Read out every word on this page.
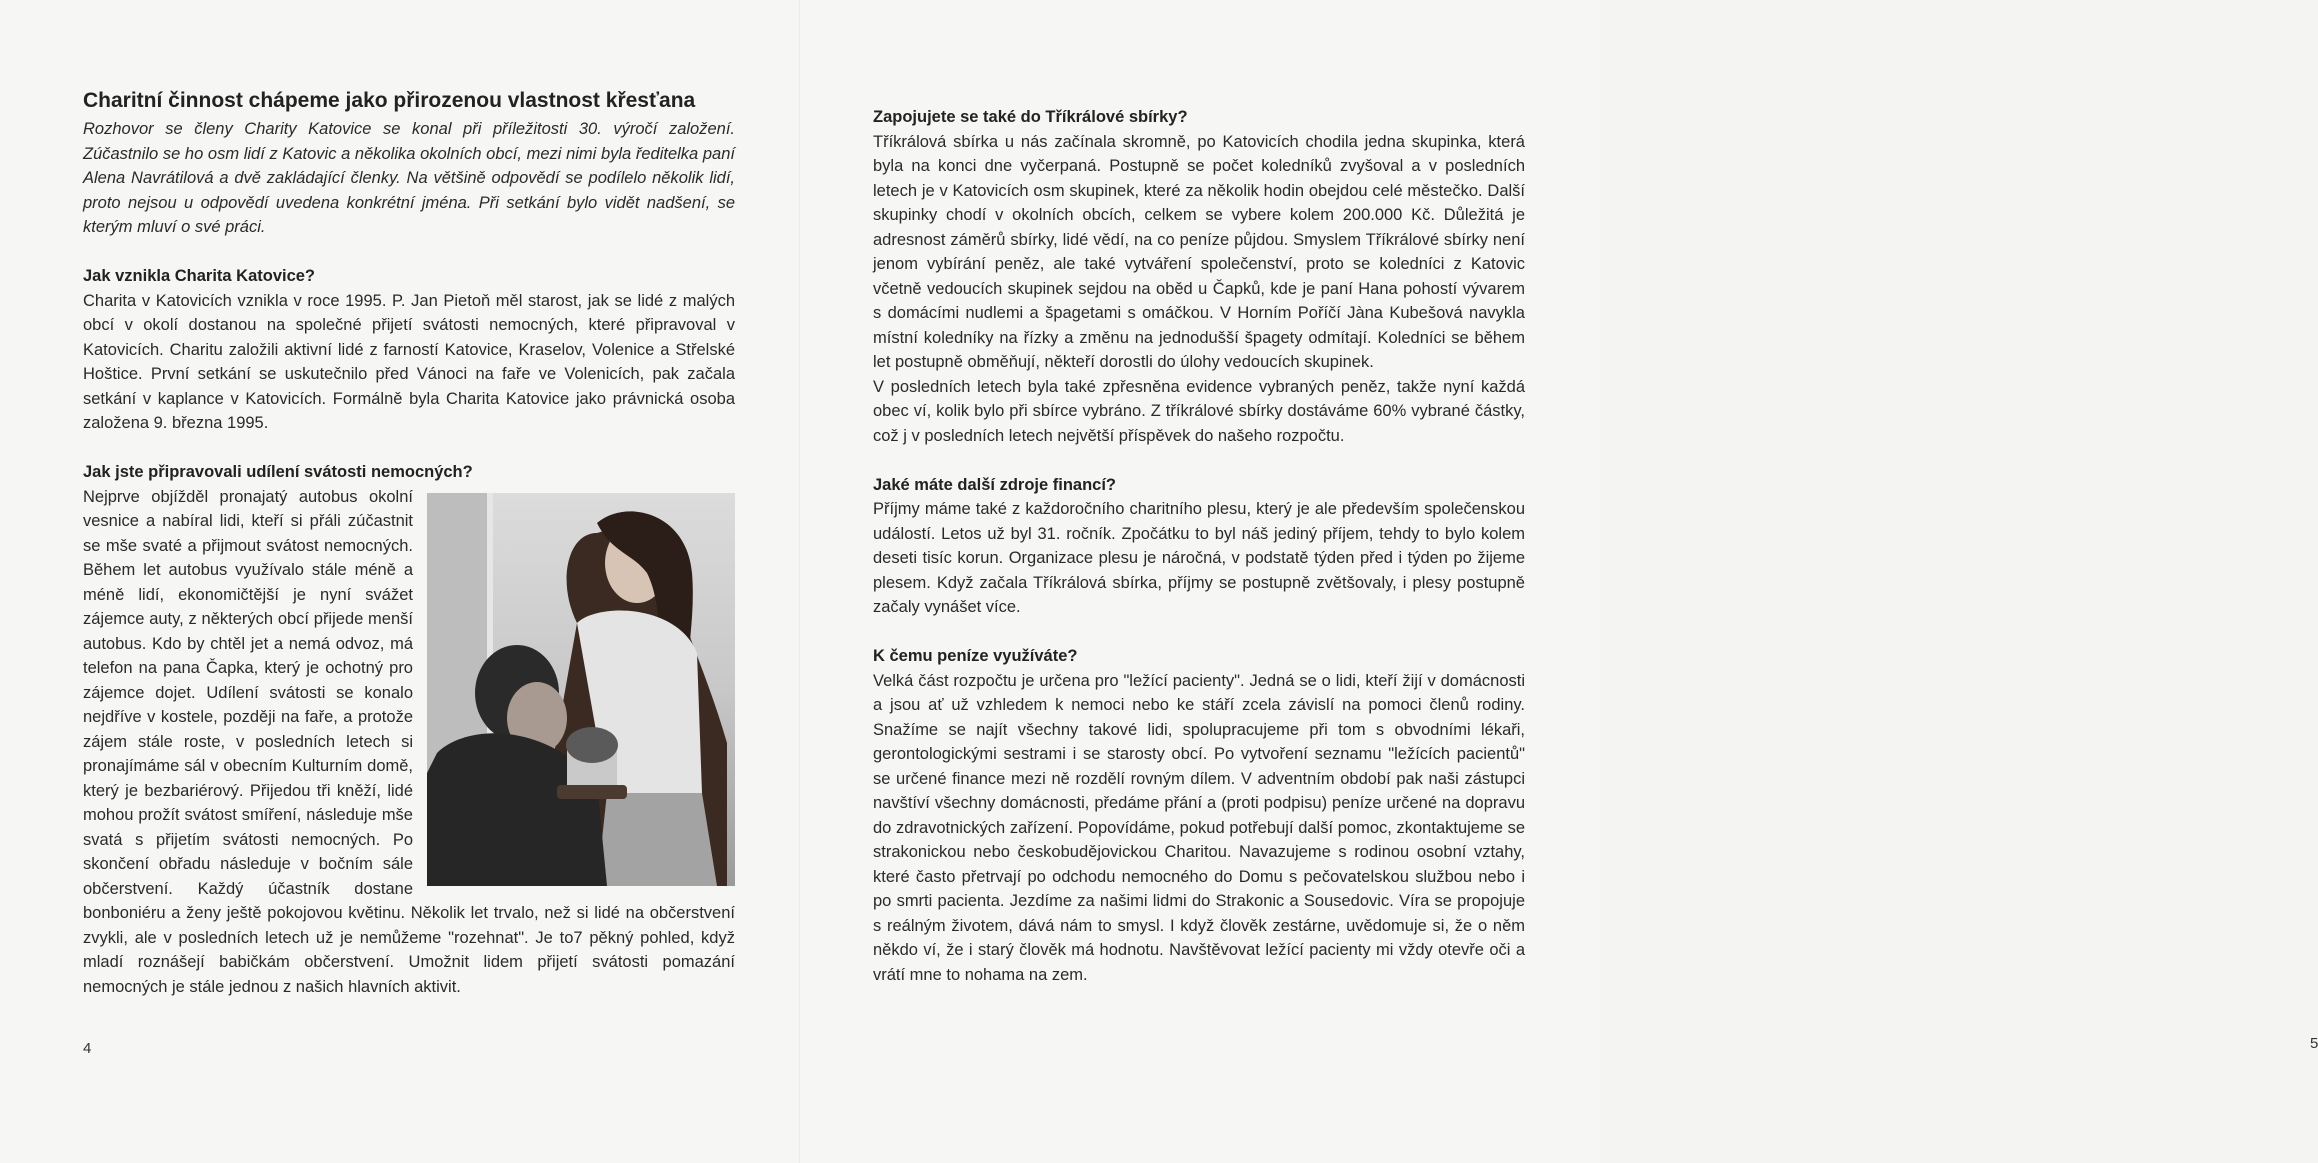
Charitní činnost chápeme jako přirozenou vlastnost křesťana

Rozhovor se členy Charity Katovice se konal při příležitosti 30. výročí založení. Zúčastnilo se ho osm lidí z Katovic a několika okolních obcí, mezi nimi byla ředitelka paní Alena Navrátilová a dvě zakládající členky. Na většině odpovědí se podílelo několik lidí, proto nejsou u odpovědí uvedena konkrétní jména. Při setkání bylo vidět nadšení, se kterým mluví o své práci.

Jak vznikla Charita Katovice?

Charita v Katovicích vznikla v roce 1995. P. Jan Pietoň měl starost, jak se lidé z malých obcí v okolí dostanou na společné přijetí svátosti nemocných, které připravoval v Katovicích. Charitu založili aktivní lidé z farností Katovice, Kraselov, Volenice a Střelské Hoštice. První setkání se uskutečnilo před Vánoci na faře ve Volenicích, pak začala setkání v kaplance v Katovicích. Formálně byla Charita Katovice jako právnická osoba založena 9. března 1995.

Jak jste připravovali udílení svátosti nemocných?

Nejprve objížděl pronajatý autobus okolní vesnice a nabíral lidi, kteří si přáli zúčastnit se mše svaté a přijmout svátost nemocných. Během let autobus využívalo stále méně a méně lidí, ekonomičtější je nyní svážet zájemce auty, z některých obcí přijede menší autobus. Kdo by chtěl jet a nemá odvoz, má telefon na pana Čapka, který je ochotný pro zájemce dojet. Udílení svátosti se konalo nejdříve v kostele, později na faře, a protože zájem stále roste, v posledních letech si pronajímáme sál v obecním Kulturním domě, který je bezbariérový. Přijedou tři kněží, lidé mohou prožít svátost smíření, následuje mše svatá s přijetím svátosti nemocných. Po skončení obřadu následuje v bočním sále občerstvení. Každý účastník dostane bonboniéru a ženy ještě pokojovou květinu. Několik let trvalo, než si lidé na občerstvení zvykli, ale v posledních letech už je nemůžeme "rozehnat". Je to7 pěkný pohled, když mladí roznášejí babičkám občerstvení. Umožnit lidem přijetí svátosti pomazání nemocných je stále jednou z našich hlavních aktivit.

4
Zapojujete se také do Tříkrálové sbírky?

Tříkrálová sbírka u nás začínala skromně, po Katovicích chodila jedna skupinka, která byla na konci dne vyčerpaná. Postupně se počet koledníků zvyšoval a v posledních letech je v Katovicích osm skupinek, které za několik hodin obejdou celé městečko. Další skupinky chodí v okolních obcích, celkem se vybere kolem 200.000 Kč. Důležitá je adresnost záměrů sbírky, lidé vědí, na co peníze půjdou. Smyslem Tříkrálové sbírky není jenom vybírání peněz, ale také vytváření společenství, proto se koledníci z Katovic včetně vedoucích skupinek sejdou na oběd u Čapků, kde je paní Hana pohostí vývarem s domácími nudlemi a špagetami s omáčkou. V Horním Poříčí Jàna Kubešová navykla místní koledníky na řízky a změnu na jednodušší špagety odmítají. Koledníci se během let postupně obměňují, někteří dorostli do úlohy vedoucích skupinek.

V posledních letech byla také zpřesněna evidence vybraných peněz, takže nyní každá obec ví, kolik bylo při sbírce vybráno. Z tříkrálové sbírky dostáváme 60% vybrané částky, což j v posledních letech největší příspěvek do našeho rozpočtu.

Jaké máte další zdroje financí?

Příjmy máme také z každoročního charitního plesu, který je ale především společenskou událostí. Letos už byl 31. ročník. Zpočátku to byl náš jediný příjem, tehdy to bylo kolem deseti tisíc korun. Organizace plesu je náročná, v podstatě týden před i týden po žijeme plesem. Když začala Tříkrálová sbírka, příjmy se postupně zvětšovaly, i plesy postupně začaly vynášet více.

K čemu peníze využíváte?

Velká část rozpočtu je určena pro "ležící pacienty". Jedná se o lidi, kteří žijí v domácnosti a jsou ať už vzhledem k nemoci nebo ke stáří zcela závislí na pomoci členů rodiny. Snažíme se najít všechny takové lidi, spolupracujeme při tom s obvodními lékaři, gerontologickými sestrami i se starosty obcí. Po vytvoření seznamu "ležících pacientů" se určené finance mezi ně rozdělí rovným dílem. V adventním období pak naši zástupci navštíví všechny domácnosti, předáme přání a (proti podpisu) peníze určené na dopravu do zdravotnických zařízení. Popovídáme, pokud potřebují další pomoc, zkontaktujeme se strakonickou nebo českobudějovickou Charitou. Navazujeme s rodinou osobní vztahy, které často přetrvají po odchodu nemocného do Domu s pečovatelskou službou nebo i po smrti pacienta. Jezdíme za našimi lidmi do Strakonic a Sousedovic. Víra se propojuje s reálným životem, dává nám to smysl. I když člověk zestárne, uvědomuje si, že o něm někdo ví, že i starý člověk má hodnotu. Navštěvovat ležící pacienty mi vždy otevře oči a vrátí mne to nohama na zem.

5
